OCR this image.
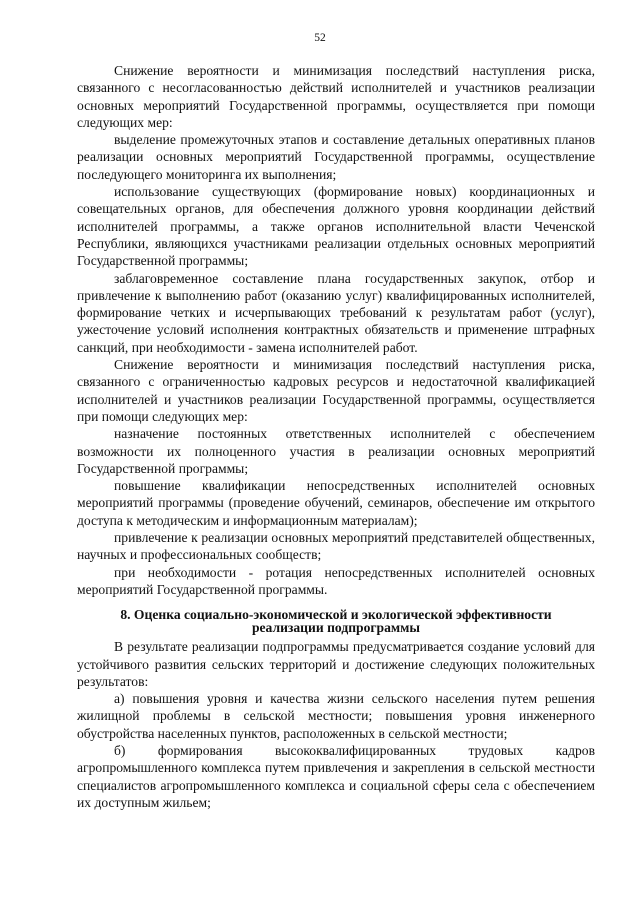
52

Снижение вероятности и минимизация последствий наступления риска, связанного с несогласованностью действий исполнителей и участников реализации основных мероприятий Государственной программы, осуществляется при помощи следующих мер:

выделение промежуточных этапов и составление детальных оперативных планов реализации основных мероприятий Государственной программы, осуществление последующего мониторинга их выполнения;

использование существующих (формирование новых) координационных и совещательных органов, для обеспечения должного уровня координации действий исполнителей программы, а также органов исполнительной власти Чеченской Республики, являющихся участниками реализации отдельных основных мероприятий Государственной программы;

заблаговременное составление плана государственных закупок, отбор и привлечение к выполнению работ (оказанию услуг) квалифицированных исполнителей, формирование четких и исчерпывающих требований к результатам работ (услуг), ужесточение условий исполнения контрактных обязательств и применение штрафных санкций, при необходимости - замена исполнителей работ.

Снижение вероятности и минимизация последствий наступления риска, связанного с ограниченностью кадровых ресурсов и недостаточной квалификацией исполнителей и участников реализации Государственной программы, осуществляется при помощи следующих мер:

назначение постоянных ответственных исполнителей с обеспечением возможности их полноценного участия в реализации основных мероприятий Государственной программы;

повышение квалификации непосредственных исполнителей основных мероприятий программы (проведение обучений, семинаров, обеспечение им открытого доступа к методическим и информационным материалам);

привлечение к реализации основных мероприятий представителей общественных, научных и профессиональных сообществ;

при необходимости - ротация непосредственных исполнителей основных мероприятий Государственной программы.

8. Оценка социально-экономической и экологической эффективности
реализации подпрограммы

В результате реализации подпрограммы предусматривается создание условий для устойчивого развития сельских территорий и достижение следующих положительных результатов:

а) повышения уровня и качества жизни сельского населения путем решения жилищной проблемы в сельской местности; повышения уровня инженерного обустройства населенных пунктов, расположенных в сельской местности;

б) формирования высококвалифицированных трудовых кадров агропромышленного комплекса путем привлечения и закрепления в сельской местности специалистов агропромышленного комплекса и социальной сферы села с обеспечением их доступным жильем;
